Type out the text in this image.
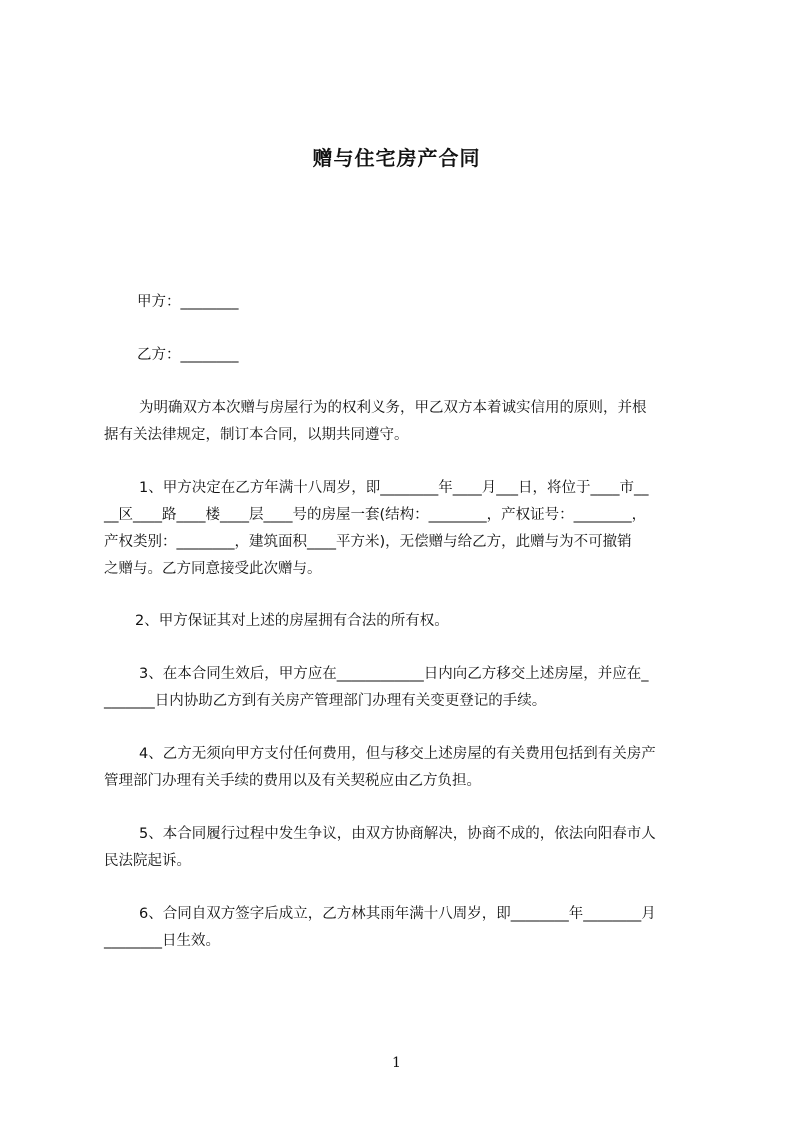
赠与住宅房产合同

甲方：________

乙方：________

为明确双方本次赠与房屋行为的权利义务，甲乙双方本着诚实信用的原则，并根

据有关法律规定，制订本合同，以期共同遵守。

1、甲方决定在乙方年满十八周岁，即________年____月___日，将位于____市__

__区____路____楼____层____号的房屋一套(结构：________，产权证号：________，

产权类别：________，建筑面积____平方米)，无偿赠与给乙方，此赠与为不可撤销

之赠与。乙方同意接受此次赠与。

2、甲方保证其对上述的房屋拥有合法的所有权。

3、在本合同生效后，甲方应在____________日内向乙方移交上述房屋，并应在_

_______日内协助乙方到有关房产管理部门办理有关变更登记的手续。

4、乙方无须向甲方支付任何费用，但与移交上述房屋的有关费用包括到有关房产

管理部门办理有关手续的费用以及有关契税应由乙方负担。

5、本合同履行过程中发生争议，由双方协商解决，协商不成的，依法向阳春市人

民法院起诉。

6、合同自双方签字后成立，乙方林其雨年满十八周岁，即________年________月

________日生效。

1
